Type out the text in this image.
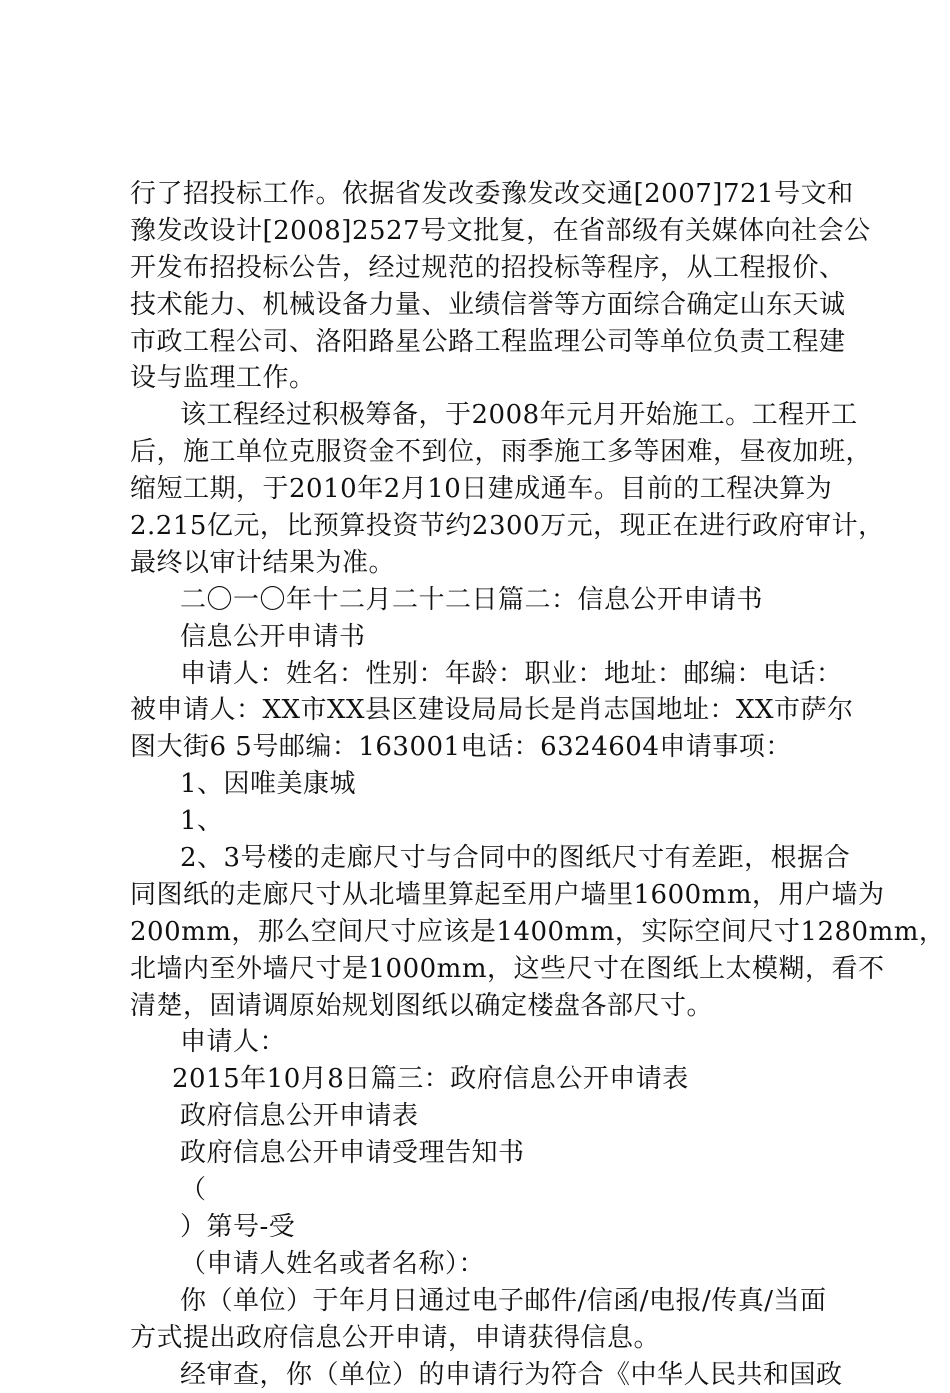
行了招投标工作。依据省发改委豫发改交通[2007]721号文和
豫发改设计[2008]2527号文批复，在省部级有关媒体向社会公
开发布招投标公告，经过规范的招投标等程序，从工程报价、
技术能力、机械设备力量、业绩信誉等方面综合确定山东天诚
市政工程公司、洛阳路星公路工程监理公司等单位负责工程建
设与监理工作。
该工程经过积极筹备，于2008年元月开始施工。工程开工
后，施工单位克服资金不到位，雨季施工多等困难，昼夜加班，
缩短工期，于2010年2月10日建成通车。目前的工程决算为
2.215亿元，比预算投资节约2300万元，现正在进行政府审计，
最终以审计结果为准。
二〇一〇年十二月二十二日篇二：信息公开申请书
信息公开申请书
申请人：姓名：性别：年龄：职业：地址：邮编：电话：
被申请人：XX市XX县区建设局局长是肖志国地址：XX市萨尔
图大街6 5号邮编：163001电话：6324604申请事项：
1、因唯美康城
1、
2、3号楼的走廊尺寸与合同中的图纸尺寸有差距，根据合
同图纸的走廊尺寸从北墙里算起至用户墙里1600mm，用户墙为
200mm，那么空间尺寸应该是1400mm，实际空间尺寸1280mm，
北墙内至外墙尺寸是1000mm，这些尺寸在图纸上太模糊，看不
清楚，固请调原始规划图纸以确定楼盘各部尺寸。
申请人：
2015年10月8日篇三：政府信息公开申请表
政府信息公开申请表
政府信息公开申请受理告知书
（
）第号-受
（申请人姓名或者名称）：
你（单位）于年月日通过电子邮件/信函/电报/传真/当面
方式提出政府信息公开申请，申请获得信息。
经审查，你（单位）的申请行为符合《中华人民共和国政
